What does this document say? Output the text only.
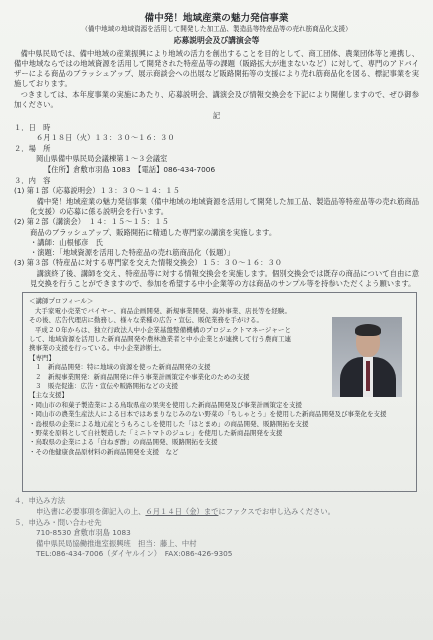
備中発！地域産業の魅力発信事業
（備中地域の地域資源を活用して開発した加工品、製造品等特産品等の売れ筋商品化支援）
応募説明会及び講演会等
備中県民局では、備中地域の産業振興により地域の活力を創出することを目的として、商工団体、農業団体等と連携し、備中地域ならではの地域資源を活用して開発された特産品等の課題（販路拡大が進まないなど）に対して、専門のアドバイザーによる商品のブラッシュアップ、展示商談会への出展など販路開拓等の支援により売れ筋商品化を図る、標記事業を実施しております。
つきましては、本年度事業の実施にあたり、応募説明会、講演会及び情報交換会を下記により開催しますので、ぜひ御参加ください。
記
１．日　時
６月１８日（火）１３：３０～１６：３０
２．場　所
岡山県備中県民局会議棟第１～３会議室
【住所】倉敷市羽島 1083　【電話】086-434-7006
３．内　容
(1) 第１部（応募説明会）１３：３０～１４：１５
備中発！地域産業の魅力発信事業（備中地域の地域資源を活用して開発した加工品、製造品等特産品等の売れ筋商品化支援）の応募に係る説明会を行います。
(2) 第２部（講演会）　１４：１５～１５：１５
商品のブラッシュアップ、販路開拓に精通した専門家の講演を実施します。
・講師：山根郁彦　氏
・演題：「地域資源を活用した特産品の売れ筋商品化（仮題）」
(3) 第３部（特産品に対する専門家を交えた情報交換会）１５：３０～１６：３０
講演終了後、講師を交え、特産品等に対する情報交換会を実施します。個別交換会では既存の商品について自由に意見交換を行うことができますので、参加を希望する中小企業等の方は商品のサンプル等を持参いただくよう願います。
＜講師プロフィール＞
大手家電小売業でバイヤー、商品企画開発、新規事業開発、海外事業、店長等を経験。その後、広告代理店に勤務し、様々な業種の広告・宣伝、販促業務を手がける。
平成２０年からは、独立行政法人中小企業基盤整備機構のプロジェクトマネージャーとして、地域資源を活用した新商品開発や農林漁業者と中小企業とが連携して行う農商工連携事業の支援を行っている。中小企業診断士。
【専門】
１　新商品開発：特に地域の資源を使った新商品開発の支援
２　新規事業開発：新商品開発に伴う事業計画策定や事業化のための支援
３　販売促進：広告・宣伝や販路開拓などの支援
【主な支援】
・岡山市の和菓子製造業による鳥取県産の果実を使用した新商品開発及び事業計画策定を支援
・岡山市の農業生産法人による日本ではあまりなじみのない野菜の「ちしゃとう」を使用した新商品開発及び事業化を支援
・島根県の企業による地元産とうもろこしを使用した「はとまめ」の商品開発、販路開拓を支援
・野菜を原料として自社製造した「ミニトマトのジュレ」を使用した新商品開発を支援
・鳥取県の企業による「白ねぎ酢」の商品開発、販路開拓を支援
・その他健康食品原材料の新商品開発を支援　など
４．申込み方法
申込書に必要事項を御記入の上、６月１４日（金）までにファクスでお申し込みください。
５．申込み・問い合わせ先
710-8530 倉敷市羽島 1083
備中県民局協働推進室振興班　担当：藤上、中村
TEL:086-434-7006（ダイヤルイン）　FAX:086-426-9305
